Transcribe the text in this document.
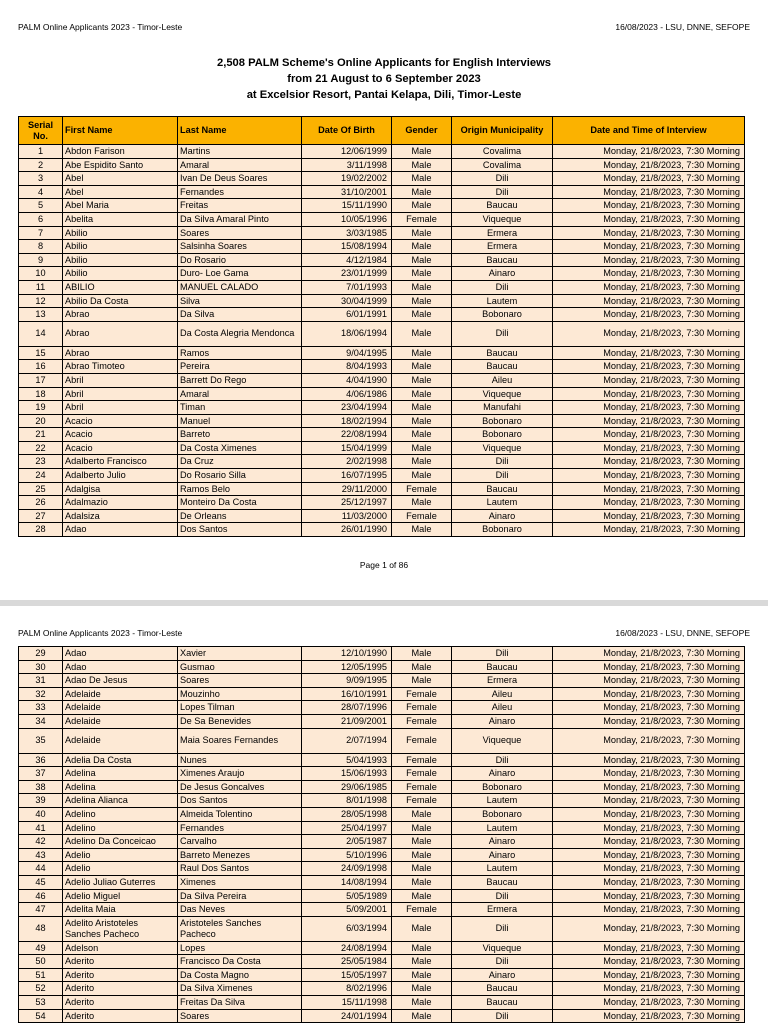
PALM Online Applicants 2023 - Timor-Leste	16/08/2023 - LSU, DNNE, SEFOPE
2,508 PALM Scheme's Online Applicants for English Interviews
from 21 August to 6 September 2023
at Excelsior Resort, Pantai Kelapa, Dili, Timor-Leste
Serial No.	First Name	Last Name	Date Of Birth	Gender	Origin Municipality	Date and Time of Interview
1	Abdon Farison	Martins	12/06/1999	Male	Covalima	Monday, 21/8/2023, 7:30 Morning
2	Abe Espidito Santo	Amaral	3/11/1998	Male	Covalima	Monday, 21/8/2023, 7:30 Morning
3	Abel	Ivan De Deus Soares	19/02/2002	Male	Dili	Monday, 21/8/2023, 7:30 Morning
4	Abel	Fernandes	31/10/2001	Male	Dili	Monday, 21/8/2023, 7:30 Morning
5	Abel Maria	Freitas	15/11/1990	Male	Baucau	Monday, 21/8/2023, 7:30 Morning
6	Abelita	Da Silva Amaral Pinto	10/05/1996	Female	Viqueque	Monday, 21/8/2023, 7:30 Morning
7	Abilio	Soares	3/03/1985	Male	Ermera	Monday, 21/8/2023, 7:30 Morning
8	Abilio	Salsinha Soares	15/08/1994	Male	Ermera	Monday, 21/8/2023, 7:30 Morning
9	Abilio	Do Rosario	4/12/1984	Male	Baucau	Monday, 21/8/2023, 7:30 Morning
10	Abilio	Duro- Loe Gama	23/01/1999	Male	Ainaro	Monday, 21/8/2023, 7:30 Morning
11	ABILIO	MANUEL CALADO	7/01/1993	Male	Dili	Monday, 21/8/2023, 7:30 Morning
12	Abilio Da Costa	Silva	30/04/1999	Male	Lautem	Monday, 21/8/2023, 7:30 Morning
13	Abrao	Da Silva	6/01/1991	Male	Bobonaro	Monday, 21/8/2023, 7:30 Morning
14	Abrao	Da Costa Alegria Mendonca	18/06/1994	Male	Dili	Monday, 21/8/2023, 7:30 Morning
15	Abrao	Ramos	9/04/1995	Male	Baucau	Monday, 21/8/2023, 7:30 Morning
16	Abrao Timoteo	Pereira	8/04/1993	Male	Baucau	Monday, 21/8/2023, 7:30 Morning
17	Abril	Barrett Do Rego	4/04/1990	Male	Aileu	Monday, 21/8/2023, 7:30 Morning
18	Abril	Amaral	4/06/1986	Male	Viqueque	Monday, 21/8/2023, 7:30 Morning
19	Abril	Timan	23/04/1994	Male	Manufahi	Monday, 21/8/2023, 7:30 Morning
20	Acacio	Manuel	18/02/1994	Male	Bobonaro	Monday, 21/8/2023, 7:30 Morning
21	Acacio	Barreto	22/08/1994	Male	Bobonaro	Monday, 21/8/2023, 7:30 Morning
22	Acacio	Da Costa Ximenes	15/04/1999	Male	Viqueque	Monday, 21/8/2023, 7:30 Morning
23	Adalberto Francisco	Da Cruz	2/02/1998	Male	Dili	Monday, 21/8/2023, 7:30 Morning
24	Adalberto Julio	Do Rosario Silla	16/07/1995	Male	Dili	Monday, 21/8/2023, 7:30 Morning
25	Adalgisa	Ramos Belo	29/11/2000	Female	Baucau	Monday, 21/8/2023, 7:30 Morning
26	Adalmazio	Monteiro Da Costa	25/12/1997	Male	Lautem	Monday, 21/8/2023, 7:30 Morning
27	Adalsiza	De Orleans	11/03/2000	Female	Ainaro	Monday, 21/8/2023, 7:30 Morning
28	Adao	Dos Santos	26/01/1990	Male	Bobonaro	Monday, 21/8/2023, 7:30 Morning
Page 1 of 86
PALM Online Applicants 2023 - Timor-Leste	16/08/2023 - LSU, DNNE, SEFOPE
29	Adao	Xavier	12/10/1990	Male	Dili	Monday, 21/8/2023, 7:30 Morning
30	Adao	Gusmao	12/05/1995	Male	Baucau	Monday, 21/8/2023, 7:30 Morning
31	Adao De Jesus	Soares	9/09/1995	Male	Ermera	Monday, 21/8/2023, 7:30 Morning
32	Adelaide	Mouzinho	16/10/1991	Female	Aileu	Monday, 21/8/2023, 7:30 Morning
33	Adelaide	Lopes Tilman	28/07/1996	Female	Aileu	Monday, 21/8/2023, 7:30 Morning
34	Adelaide	De Sa Benevides	21/09/2001	Female	Ainaro	Monday, 21/8/2023, 7:30 Morning
35	Adelaide	Maia Soares Fernandes	2/07/1994	Female	Viqueque	Monday, 21/8/2023, 7:30 Morning
36	Adelia Da Costa	Nunes	5/04/1993	Female	Dili	Monday, 21/8/2023, 7:30 Morning
37	Adelina	Ximenes Araujo	15/06/1993	Female	Ainaro	Monday, 21/8/2023, 7:30 Morning
38	Adelina	De Jesus Goncalves	29/06/1985	Female	Bobonaro	Monday, 21/8/2023, 7:30 Morning
39	Adelina Alianca	Dos Santos	8/01/1998	Female	Lautem	Monday, 21/8/2023, 7:30 Morning
40	Adelino	Almeida Tolentino	28/05/1998	Male	Bobonaro	Monday, 21/8/2023, 7:30 Morning
41	Adelino	Fernandes	25/04/1997	Male	Lautem	Monday, 21/8/2023, 7:30 Morning
42	Adelino Da Conceicao	Carvalho	2/05/1987	Male	Ainaro	Monday, 21/8/2023, 7:30 Morning
43	Adelio	Barreto Menezes	5/10/1996	Male	Ainaro	Monday, 21/8/2023, 7:30 Morning
44	Adelio	Raul Dos Santos	24/09/1998	Male	Lautem	Monday, 21/8/2023, 7:30 Morning
45	Adelio Juliao Guterres	Ximenes	14/08/1994	Male	Baucau	Monday, 21/8/2023, 7:30 Morning
46	Adelio Miguel	Da Silva Pereira	5/05/1989	Male	Dili	Monday, 21/8/2023, 7:30 Morning
47	Adelita Maia	Das Neves	5/09/2001	Female	Ermera	Monday, 21/8/2023, 7:30 Morning
48	Adelito Aristoteles Sanches Pacheco	Aristoteles Sanches Pacheco	6/03/1994	Male	Dili	Monday, 21/8/2023, 7:30 Morning
49	Adelson	Lopes	24/08/1994	Male	Viqueque	Monday, 21/8/2023, 7:30 Morning
50	Aderito	Francisco Da Costa	25/05/1984	Male	Dili	Monday, 21/8/2023, 7:30 Morning
51	Aderito	Da Costa Magno	15/05/1997	Male	Ainaro	Monday, 21/8/2023, 7:30 Morning
52	Aderito	Da Silva Ximenes	8/02/1996	Male	Baucau	Monday, 21/8/2023, 7:30 Morning
53	Aderito	Freitas Da Silva	15/11/1998	Male	Baucau	Monday, 21/8/2023, 7:30 Morning
54	Aderito	Soares	24/01/1994	Male	Dili	Monday, 21/8/2023, 7:30 Morning
